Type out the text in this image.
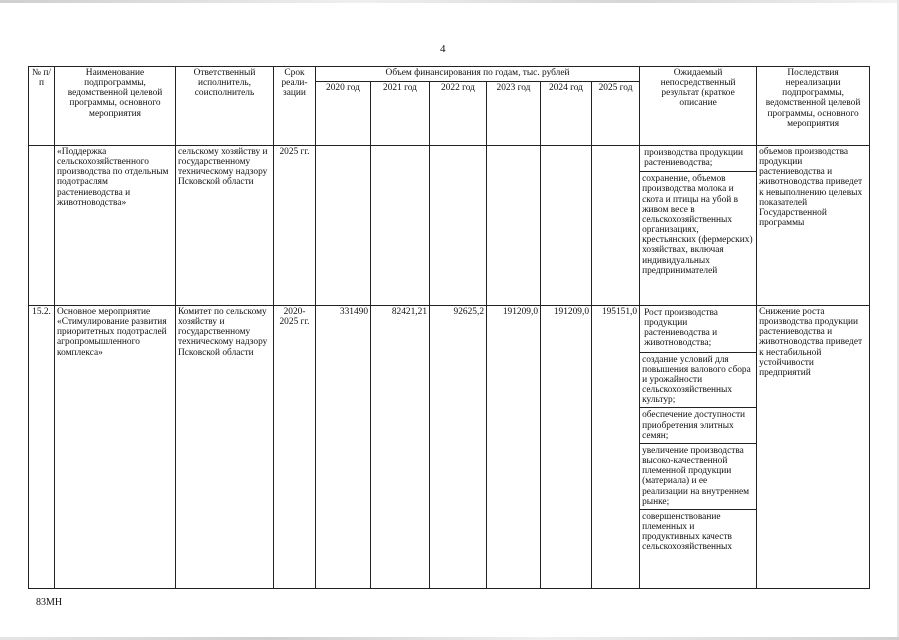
4
№ п/п	Наименование подпрограммы, ведомственной целевой программы, основного мероприятия	Ответственный исполнитель, соисполнитель	Срок реали-зации	Объем финансирования по годам, тыс. рублей						Ожидаемый непосредственный результат (краткое описание	Последствия нереализации подпрограммы, ведомственной целевой программы, основного мероприятия
				2020 год	2021 год	2022 год	2023 год	2024 год	2025 год		
	«Поддержка сельскохозяйственного производства по отдельным подотраслям растениеводства и животноводства»	сельскому хозяйству и государственному техническому надзору Псковской области	2025 гг.							производства продукции растениеводства;
сохранение, объемов производства молока и скота и птицы на убой в живом весе в сельскохозяйственных организациях, крестьянских (фермерских) хозяйствах, включая индивидуальных предпринимателей	объемов производства продукции растениеводства и животноводства приведет к невыполнению целевых показателей Государственной программы
15.2.	Основное мероприятие «Стимулирование развития приоритетных подотраслей агропромышленного комплекса»	Комитет по сельскому хозяйству и государственному техническому надзору Псковской области	2020-2025 гг.	331490	82421,21	92625,2	191209,0	191209,0	195151,0	Рост производства продукции растениеводства и животноводства;
создание условий для повышения валового сбора и урожайности сельскохозяйственных культур;
обеспечение доступности приобретения элитных семян;
увеличение производства высоко-качественной племенной продукции (материала) и ее реализации на внутреннем рынке;
совершенствование племенных и продуктивных качеств сельскохозяйственных	Снижение роста производства продукции растениеводства и животноводства приведет к нестабильной устойчивости предприятий
83МН
